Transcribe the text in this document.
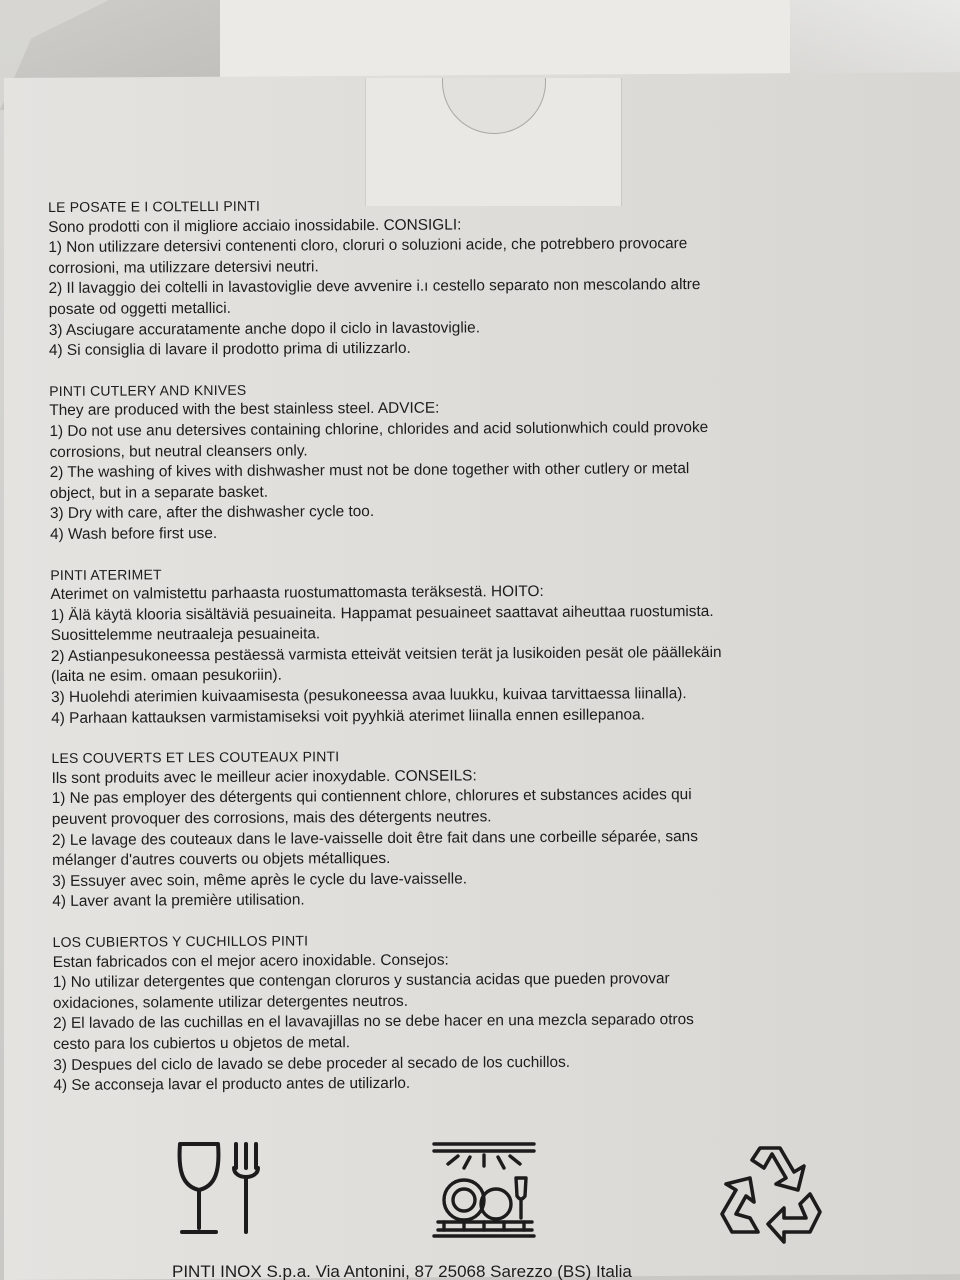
LE POSATE E I COLTELLI PINTI
Sono prodotti con il migliore acciaio inossidabile. CONSIGLI:
1) Non utilizzare detersivi contenenti cloro, cloruri o soluzioni acide, che potrebbero provocare
corrosioni, ma utilizzare detersivi neutri.
2) Il lavaggio dei coltelli in lavastoviglie deve avvenire i.ı cestello separato non mescolando altre
posate od oggetti metallici.
3) Asciugare accuratamente anche dopo il ciclo in lavastoviglie.
4) Si consiglia di lavare il prodotto prima di utilizzarlo.
PINTI CUTLERY AND KNIVES
They are produced with the best stainless steel. ADVICE:
1) Do not use anu detersives containing chlorine, chlorides and acid solutionwhich could provoke
corrosions, but neutral cleansers only.
2) The washing of kives with dishwasher must not be done together with other cutlery or metal
object, but in a separate basket.
3) Dry with care, after the dishwasher cycle too.
4) Wash before first use.
PINTI ATERIMET
Aterimet on valmistettu parhaasta ruostumattomasta teräksestä. HOITO:
1) Älä käytä klooria sisältäviä pesuaineita. Happamat pesuaineet saattavat aiheuttaa ruostumista.
Suosittelemme neutraaleja pesuaineita.
2) Astianpesukoneessa pestäessä varmista etteivät veitsien terät ja lusikoiden pesät ole päällekäin
(laita ne esim. omaan pesukoriin).
3) Huolehdi aterimien kuivaamisesta (pesukoneessa avaa luukku, kuivaa tarvittaessa liinalla).
4) Parhaan kattauksen varmistamiseksi voit pyyhkiä aterimet liinalla ennen esillepanoa.
LES COUVERTS ET LES COUTEAUX PINTI
Ils sont produits avec le meilleur acier inoxydable. CONSEILS:
1) Ne pas employer des détergents qui contiennent chlore, chlorures et substances acides qui
peuvent provoquer des corrosions, mais des détergents neutres.
2) Le lavage des couteaux dans le lave-vaisselle doit être fait dans une corbeille séparée, sans
mélanger d'autres couverts ou objets métalliques.
3) Essuyer avec soin, même après le cycle du lave-vaisselle.
4) Laver avant la première utilisation.
LOS CUBIERTOS Y CUCHILLOS PINTI
Estan fabricados con el mejor acero inoxidable. Consejos:
1) No utilizar detergentes que contengan cloruros y sustancia acidas que pueden provovar
oxidaciones, solamente utilizar detergentes neutros.
2) El lavado de las cuchillas en el lavavajillas no se debe hacer en una mezcla separado otros
cesto para los cubiertos u objetos de metal.
3) Despues del ciclo de lavado se debe proceder al secado de los cuchillos.
4) Se acconseja lavar el producto antes de utilizarlo.
PINTI INOX S.p.a. Via Antonini, 87 25068 Sarezzo (BS) Italia
